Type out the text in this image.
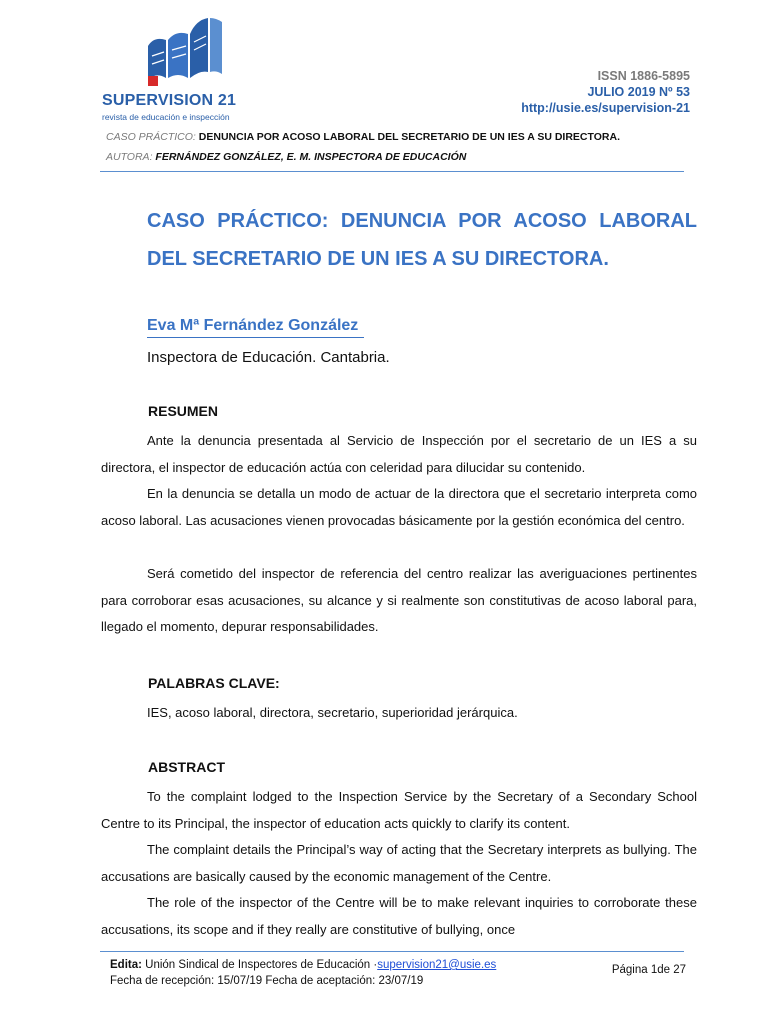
SUPERVISION 21
revista de educación e inspección
ISSN 1886-5895
JULIO 2019 Nº 53
http://usie.es/supervision-21
CASO PRÁCTICO: DENUNCIA POR ACOSO LABORAL DEL SECRETARIO DE UN IES A SU DIRECTORA.
AUTORA: FERNÁNDEZ GONZÁLEZ, E. M. INSPECTORA DE EDUCACIÓN
CASO PRÁCTICO: DENUNCIA POR ACOSO LABORAL DEL SECRETARIO DE UN IES A SU DIRECTORA.
Eva Mª Fernández González
Inspectora de Educación. Cantabria.
RESUMEN
Ante la denuncia presentada al Servicio de Inspección por el secretario de un IES a su directora, el inspector de educación actúa con celeridad para dilucidar su contenido.
En la denuncia se detalla un modo de actuar de la directora que el secretario interpreta como acoso laboral. Las acusaciones vienen provocadas básicamente por la gestión económica del centro.
Será cometido del inspector de referencia del centro realizar las averiguaciones pertinentes para corroborar esas acusaciones, su alcance y si realmente son constitutivas de acoso laboral para, llegado el momento, depurar responsabilidades.
PALABRAS CLAVE:
IES, acoso laboral, directora, secretario, superioridad jerárquica.
ABSTRACT
To the complaint lodged to the Inspection Service by the Secretary of a Secondary School Centre to its Principal, the inspector of education acts quickly to clarify its content.
The complaint details the Principal’s way of acting that the Secretary interprets as bullying. The accusations are basically caused by the economic management of the Centre.
The role of the inspector of the Centre will be to make relevant inquiries to corroborate these accusations, its scope and if they really are constitutive of bullying, once
Edita: Unión Sindical de Inspectores de Educación ·supervision21@usie.es
Fecha de recepción: 15/07/19 Fecha de aceptación: 23/07/19
Página 1de 27
